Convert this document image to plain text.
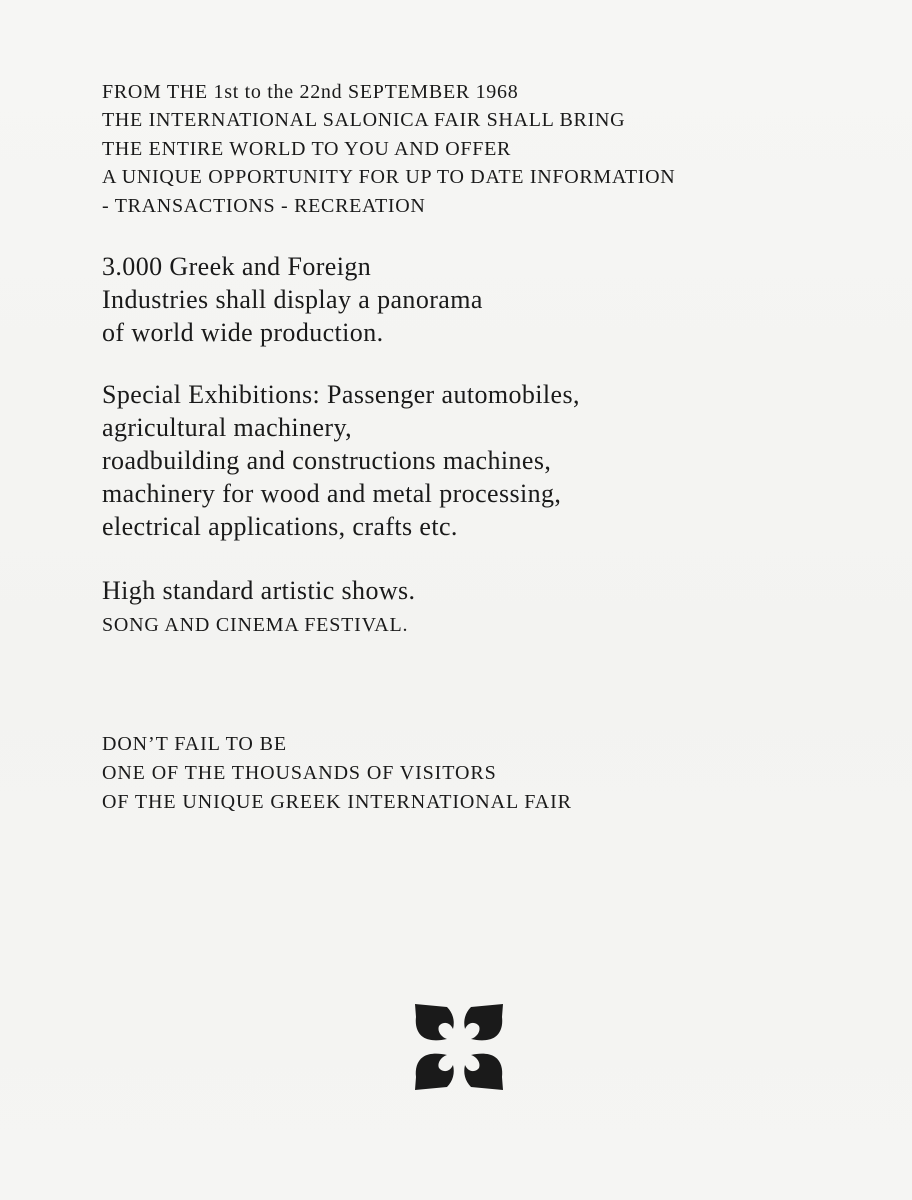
FROM THE 1st to the 22nd SEPTEMBER 1968
THE INTERNATIONAL SALONICA FAIR SHALL BRING
THE ENTIRE WORLD TO YOU AND OFFER
A UNIQUE OPPORTUNITY FOR UP TO DATE INFORMATION
- TRANSACTIONS - RECREATION
3.000 Greek and Foreign
Industries shall display a panorama
of world wide production.
Special Exhibitions: Passenger automobiles,
agricultural machinery,
roadbuilding and constructions machines,
machinery for wood and metal processing,
electrical applications, crafts etc.
High standard artistic shows.
SONG AND CINEMA FESTIVAL.
DON’T FAIL TO BE
ONE OF THE THOUSANDS OF VISITORS
OF THE UNIQUE GREEK INTERNATIONAL FAIR
